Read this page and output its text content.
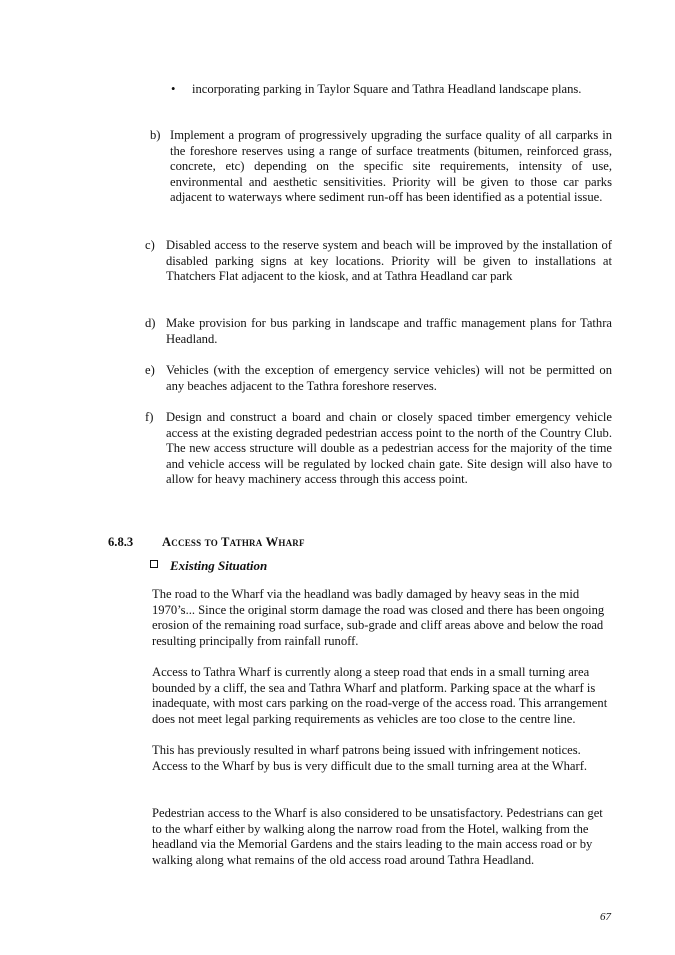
• incorporating parking in Taylor Square and Tathra Headland landscape plans.
b) Implement a program of progressively upgrading the surface quality of all carparks in the foreshore reserves using a range of surface treatments (bitumen, reinforced grass, concrete, etc) depending on the specific site requirements, intensity of use, environmental and aesthetic sensitivities. Priority will be given to those car parks adjacent to waterways where sediment run-off has been identified as a potential issue.
c) Disabled access to the reserve system and beach will be improved by the installation of disabled parking signs at key locations. Priority will be given to installations at Thatchers Flat adjacent to the kiosk, and at Tathra Headland car park
d) Make provision for bus parking in landscape and traffic management plans for Tathra Headland.
e) Vehicles (with the exception of emergency service vehicles) will not be permitted on any beaches adjacent to the Tathra foreshore reserves.
f) Design and construct a board and chain or closely spaced timber emergency vehicle access at the existing degraded pedestrian access point to the north of the Country Club. The new access structure will double as a pedestrian access for the majority of the time and vehicle access will be regulated by locked chain gate. Site design will also have to allow for heavy machinery access through this access point.
6.8.3 Access to Tathra Wharf
Existing Situation
The road to the Wharf via the headland was badly damaged by heavy seas in the mid 1970’s... Since the original storm damage the road was closed and there has been ongoing erosion of the remaining road surface, sub-grade and cliff areas above and below the road resulting principally from rainfall runoff.
Access to Tathra Wharf is currently along a steep road that ends in a small turning area bounded by a cliff, the sea and Tathra Wharf and platform. Parking space at the wharf is inadequate, with most cars parking on the road-verge of the access road. This arrangement does not meet legal parking requirements as vehicles are too close to the centre line.
This has previously resulted in wharf patrons being issued with infringement notices. Access to the Wharf by bus is very difficult due to the small turning area at the Wharf.
Pedestrian access to the Wharf is also considered to be unsatisfactory. Pedestrians can get to the wharf either by walking along the narrow road from the Hotel, walking from the headland via the Memorial Gardens and the stairs leading to the main access road or by walking along what remains of the old access road around Tathra Headland.
67
